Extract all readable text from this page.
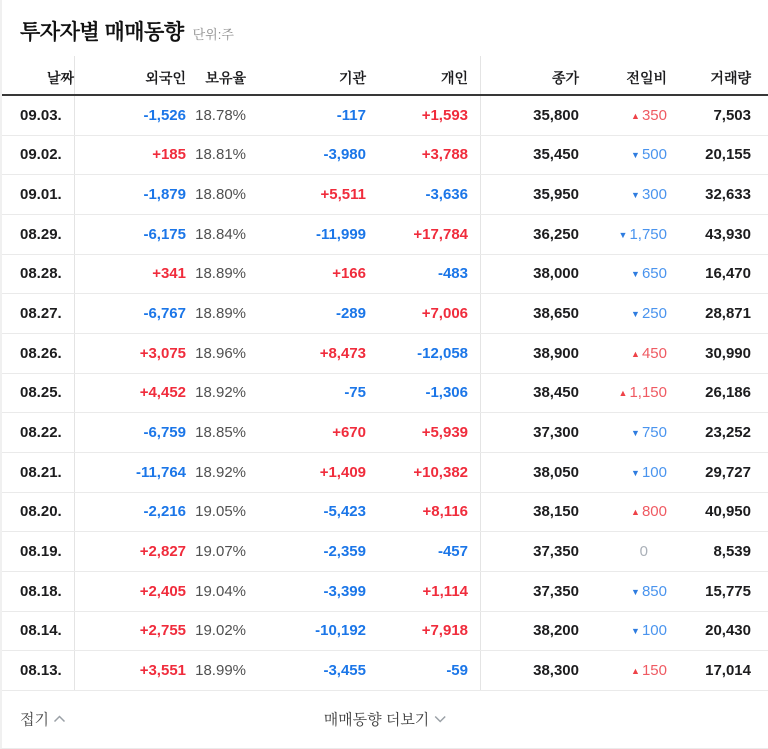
투자자별 매매동향 단위:주
날짜	외국인	보유율	기관	개인	종가	전일비	거래량
09.03.	-1,526 18.78%	-117	+1,593	35,800	▲ 350	7,503
09.02.	+185 18.81%	-3,980	+3,788	35,450	▼ 500	20,155
09.01.	-1,879 18.80%	+5,511	-3,636	35,950	▼ 300	32,633
08.29.	-6,175 18.84%	-11,999	+17,784	36,250	▼ 1,750	43,930
08.28.	+341 18.89%	+166	-483	38,000	▼ 650	16,470
08.27.	-6,767 18.89%	-289	+7,006	38,650	▼ 250	28,871
08.26.	+3,075 18.96%	+8,473	-12,058	38,900	▲ 450	30,990
08.25.	+4,452 18.92%	-75	-1,306	38,450	▲ 1,150	26,186
08.22.	-6,759 18.85%	+670	+5,939	37,300	▼ 750	23,252
08.21.	-11,764 18.92%	+1,409	+10,382	38,050	▼ 100	29,727
08.20.	-2,216 19.05%	-5,423	+8,116	38,150	▲ 800	40,950
08.19.	+2,827 19.07%	-2,359	-457	37,350	0	8,539
08.18.	+2,405 19.04%	-3,399	+1,114	37,350	▼ 850	15,775
08.14.	+2,755 19.02%	-10,192	+7,918	38,200	▼ 100	20,430
08.13.	+3,551 18.99%	-3,455	-59	38,300	▲ 150	17,014
접기	매매동향 더보기
